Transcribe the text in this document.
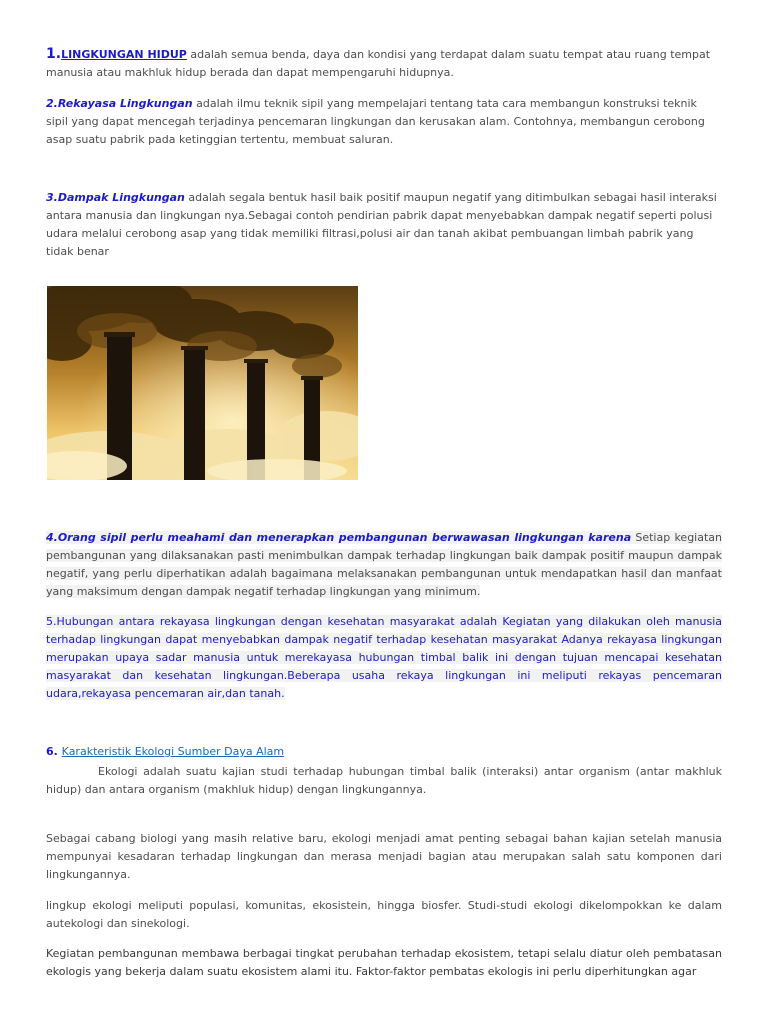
1.LINGKUNGAN HIDUP adalah semua benda, daya dan kondisi yang terdapat dalam suatu tempat atau ruang tempat manusia atau makhluk hidup berada dan dapat mempengaruhi hidupnya.

2.Rekayasa Lingkungan adalah ilmu teknik sipil yang mempelajari tentang tata cara membangun konstruksi teknik sipil yang dapat mencegah terjadinya pencemaran lingkungan dan kerusakan alam. Contohnya, membangun cerobong asap suatu pabrik pada ketinggian tertentu, membuat saluran.

3.Dampak Lingkungan adalah segala bentuk hasil baik positif maupun negatif yang ditimbulkan sebagai hasil interaksi antara manusia dan lingkungan nya.Sebagai contoh pendirian pabrik dapat menyebabkan dampak negatif seperti polusi udara melalui cerobong asap yang tidak memiliki filtrasi,polusi air dan tanah akibat pembuangan limbah pabrik yang tidak benar

4.Orang sipil perlu meahami dan menerapkan pembangunan berwawasan lingkungan karena Setiap kegiatan pembangunan yang dilaksanakan pasti menimbulkan dampak terhadap lingkungan baik dampak positif maupun dampak negatif, yang perlu diperhatikan adalah bagaimana melaksanakan pembangunan untuk mendapatkan hasil dan manfaat yang maksimum dengan dampak negatif terhadap lingkungan yang minimum.

5.Hubungan antara rekayasa lingkungan dengan kesehatan masyarakat adalah Kegiatan yang dilakukan oleh manusia terhadap lingkungan dapat menyebabkan dampak negatif terhadap kesehatan masyarakat Adanya rekayasa lingkungan merupakan upaya sadar manusia untuk merekayasa hubungan timbal balik ini dengan tujuan mencapai kesehatan masyarakat dan kesehatan lingkungan.Beberapa usaha rekaya lingkungan ini meliputi rekayas pencemaran udara,rekayasa pencemaran air,dan tanah.

6. Karakteristik Ekologi Sumber Daya Alam

Ekologi adalah suatu kajian studi terhadap hubungan timbal balik (interaksi) antar organism (antar makhluk hidup) dan antara organism (makhluk hidup) dengan lingkungannya.

Sebagai cabang biologi yang masih relative baru, ekologi menjadi amat penting sebagai bahan kajian setelah manusia mempunyai kesadaran terhadap lingkungan dan merasa menjadi bagian atau merupakan salah satu komponen dari lingkungannya.

lingkup ekologi meliputi populasi, komunitas, ekosistein, hingga biosfer. Studi-studi ekologi dikelompokkan ke dalam autekologi dan sinekologi.

Kegiatan pembangunan membawa berbagai tingkat perubahan terhadap ekosistem, tetapi selalu diatur oleh pembatasan ekologis yang bekerja dalam suatu ekosistem alami itu. Faktor-faktor pembatas ekologis ini perlu diperhitungkan agar
